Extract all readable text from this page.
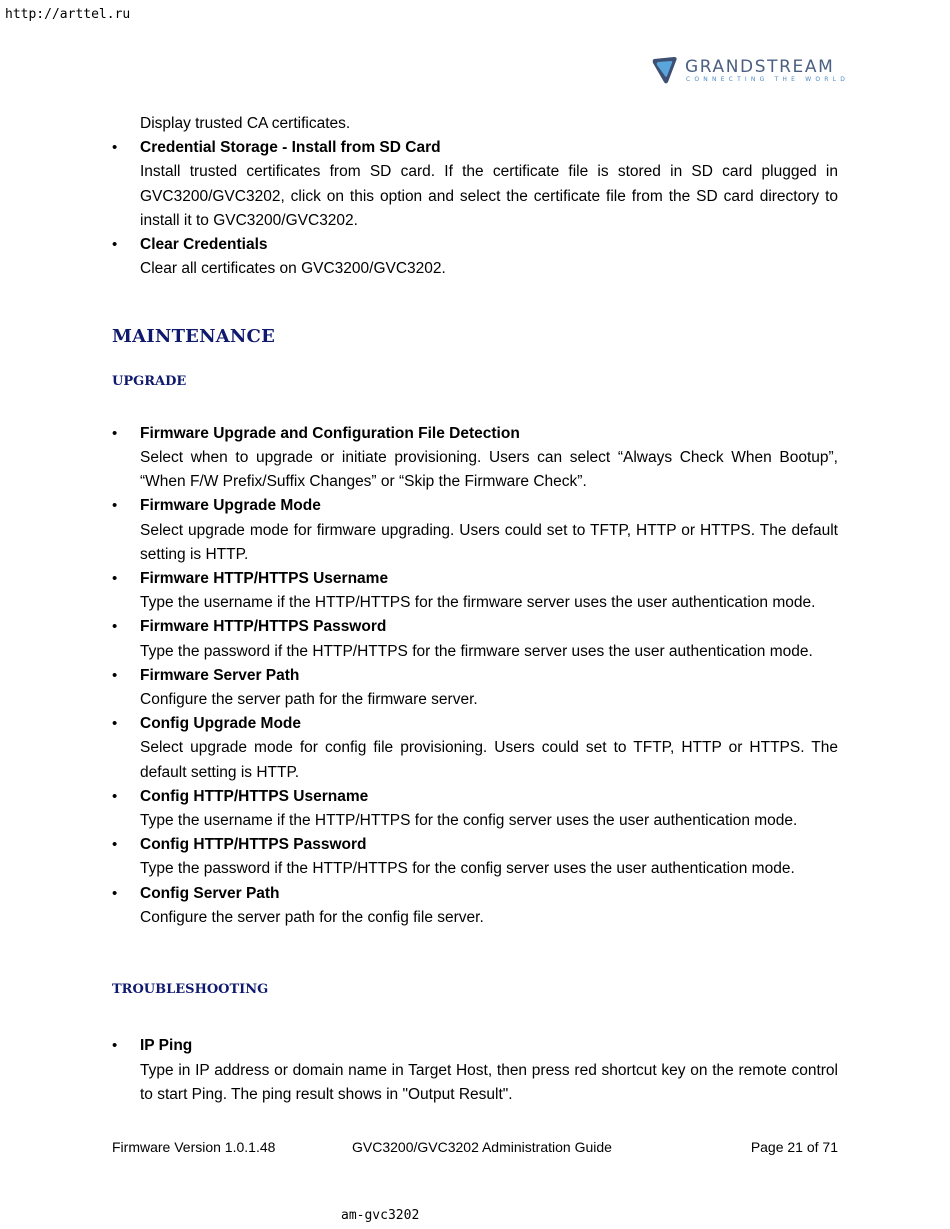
http://arttel.ru
GRANDSTREAM
CONNECTING THE WORLD

Display trusted CA certificates.

• Credential Storage - Install from SD Card

Install trusted certificates from SD card. If the certificate file is stored in SD card plugged in GVC3200/GVC3202, click on this option and select the certificate file from the SD card directory to install it to GVC3200/GVC3202.

• Clear Credentials

Clear all certificates on GVC3200/GVC3202.

MAINTENANCE
UPGRADE
• Firmware Upgrade and Configuration File Detection

Select when to upgrade or initiate provisioning. Users can select “Always Check When Bootup”, “When F/W Prefix/Suffix Changes” or “Skip the Firmware Check”.

• Firmware Upgrade Mode

Select upgrade mode for firmware upgrading. Users could set to TFTP, HTTP or HTTPS. The default setting is HTTP.

• Firmware HTTP/HTTPS Username

Type the username if the HTTP/HTTPS for the firmware server uses the user authentication mode.

• Firmware HTTP/HTTPS Password

Type the password if the HTTP/HTTPS for the firmware server uses the user authentication mode.

• Firmware Server Path

Configure the server path for the firmware server.

• Config Upgrade Mode

Select upgrade mode for config file provisioning. Users could set to TFTP, HTTP or HTTPS. The default setting is HTTP.

• Config HTTP/HTTPS Username

Type the username if the HTTP/HTTPS for the config server uses the user authentication mode.

• Config HTTP/HTTPS Password

Type the password if the HTTP/HTTPS for the config server uses the user authentication mode.

• Config Server Path

Configure the server path for the config file server.

TROUBLESHOOTING
• IP Ping

Type in IP address or domain name in Target Host, then press red shortcut key on the remote control to start Ping. The ping result shows in "Output Result".

Firmware Version 1.0.1.48	GVC3200/GVC3202 Administration Guide	Page 21 of 71
am-gvc3202
